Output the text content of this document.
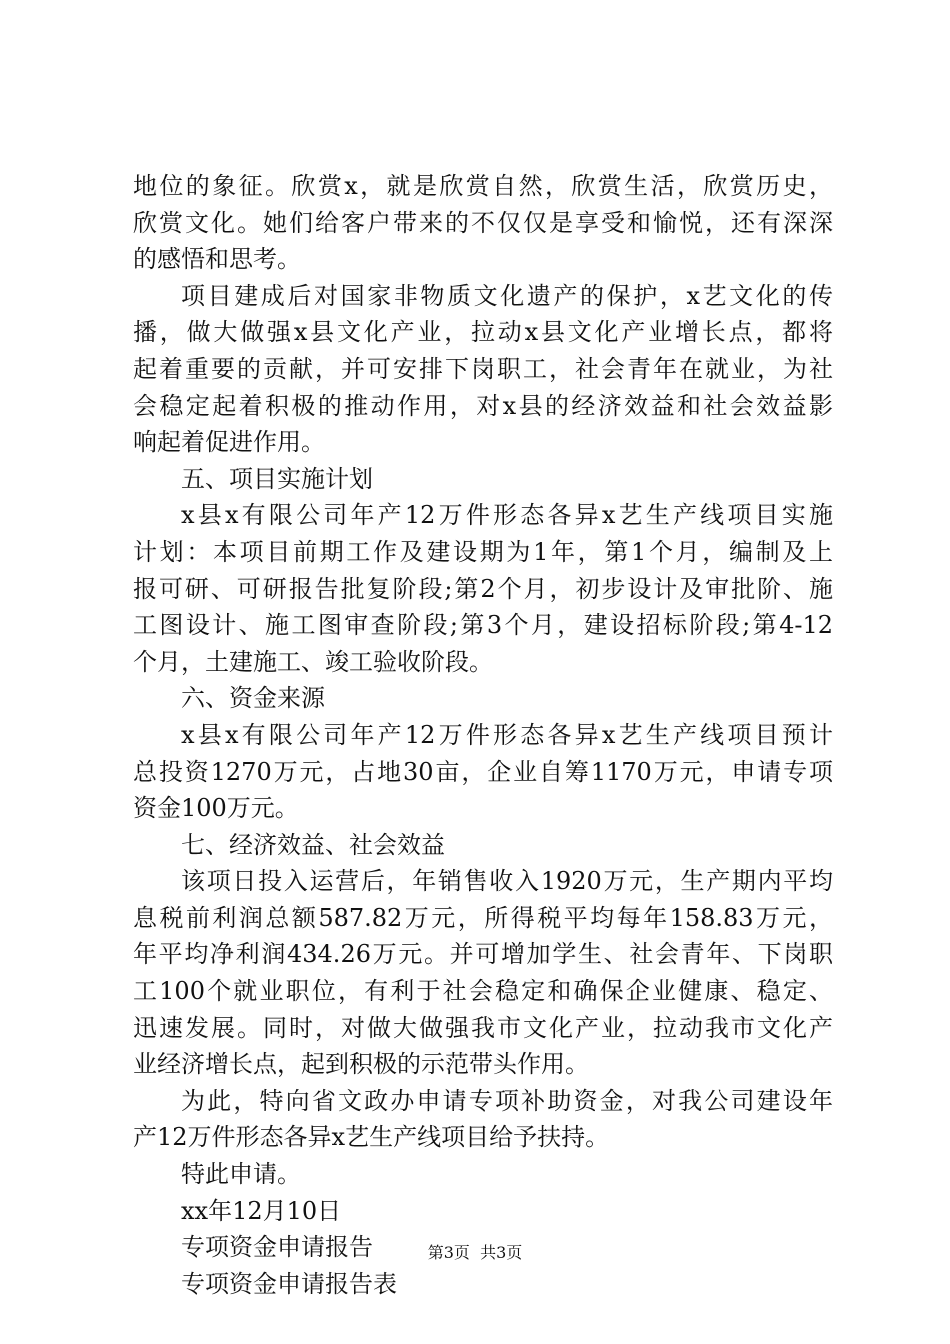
地位的象征。欣赏x，就是欣赏自然，欣赏生活，欣赏历史，
欣赏文化。她们给客户带来的不仅仅是享受和愉悦，还有深深
的感悟和思考。
项目建成后对国家非物质文化遗产的保护，x艺文化的传
播，做大做强x县文化产业，拉动x县文化产业增长点，都将
起着重要的贡献，并可安排下岗职工，社会青年在就业，为社
会稳定起着积极的推动作用，对x县的经济效益和社会效益影
响起着促进作用。
五、项目实施计划
x县x有限公司年产12万件形态各异x艺生产线项目实施
计划：本项目前期工作及建设期为1年，第1个月，编制及上
报可研、可研报告批复阶段;第2个月，初步设计及审批阶、施
工图设计、施工图审查阶段;第3个月，建设招标阶段;第4-12
个月，土建施工、竣工验收阶段。
六、资金来源
x县x有限公司年产12万件形态各异x艺生产线项目预计
总投资1270万元，占地30亩，企业自筹1170万元，申请专项
资金100万元。
七、经济效益、社会效益
该项日投入运营后，年销售收入1920万元，生产期内平均
息税前利润总额587.82万元，所得税平均每年158.83万元，
年平均净利润434.26万元。并可增加学生、社会青年、下岗职
工100个就业职位，有利于社会稳定和确保企业健康、稳定、
迅速发展。同时，对做大做强我市文化产业，拉动我市文化产
业经济增长点，起到积极的示范带头作用。
为此，特向省文政办申请专项补助资金，对我公司建设年
产12万件形态各异x艺生产线项目给予扶持。
特此申请。
xx年12月10日
专项资金申请报告
专项资金申请报告表
第3页  共3页
